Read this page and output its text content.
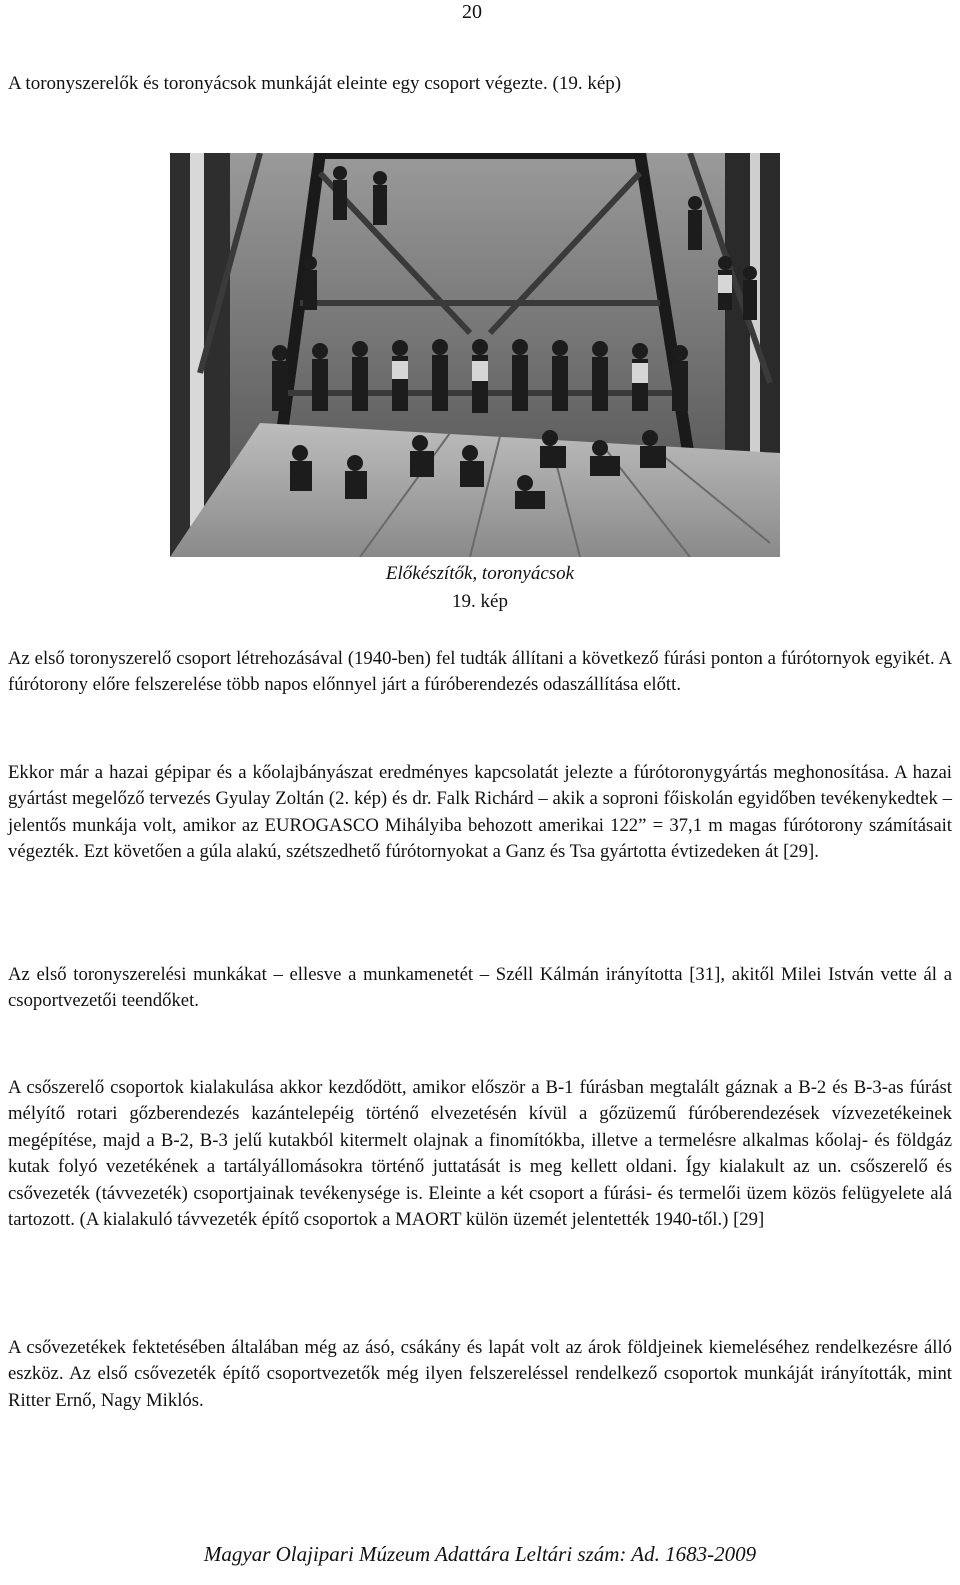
20
A toronyszerelők és toronyácsok munkáját eleinte egy csoport végezte. (19. kép)
Előkészítők, toronyácsok
19. kép

Az első toronyszerelő csoport létrehozásával (1940-ben) fel tudták állítani a következő fúrási ponton a fúrótornyok egyikét. A fúrótorony előre felszerelése több napos előnnyel járt a fúróberendezés odaszállítása előtt.

Ekkor már a hazai gépipar és a kőolajbányászat eredményes kapcsolatát jelezte a fúrótoronygyártás meghonosítása. A hazai gyártást megelőző tervezés Gyulay Zoltán (2. kép) és dr. Falk Richárd – akik a soproni főiskolán egyidőben tevékenykedtek – jelentős munkája volt, amikor az EUROGASCO Mihályiba behozott amerikai 122” = 37,1 m magas fúrótorony számításait végezték. Ezt követően a gúla alakú, szétszedhető fúrótornyokat a Ganz és Tsa gyártotta évtizedeken át [29].

Az első toronyszerelési munkákat – ellesve a munkamenetét – Széll Kálmán irányította [31], akitől Milei István vette ál a csoportvezetői teendőket.

A csőszerelő csoportok kialakulása akkor kezdődött, amikor először a B-1 fúrásban megtalált gáznak a B-2 és B-3-as fúrást mélyítő rotari gőzberendezés kazántelepéig történő elvezetésén kívül a gőzüzemű fúróberendezések vízvezetékeinek megépítése, majd a B-2, B-3 jelű kutakból kitermelt olajnak a finomítókba, illetve a termelésre alkalmas kőolaj- és földgáz kutak folyó vezetékének a tartályállomásokra történő juttatását is meg kellett oldani. Így kialakult az un. csőszerelő és csővezeték (távvezeték) csoportjainak tevékenysége is. Eleinte a két csoport a fúrási- és termelői üzem közös felügyelete alá tartozott. (A kialakuló távvezeték építő csoportok a MAORT külön üzemét jelentették 1940-től.) [29]

A csővezetékek fektetésében általában még az ásó, csákány és lapát volt az árok földjeinek kiemeléséhez rendelkezésre álló eszköz. Az első csővezeték építő csoportvezetők még ilyen felszereléssel rendelkező csoportok munkáját irányították, mint Ritter Ernő, Nagy Miklós.

Magyar Olajipari Múzeum Adattára Leltári szám: Ad. 1683-2009
